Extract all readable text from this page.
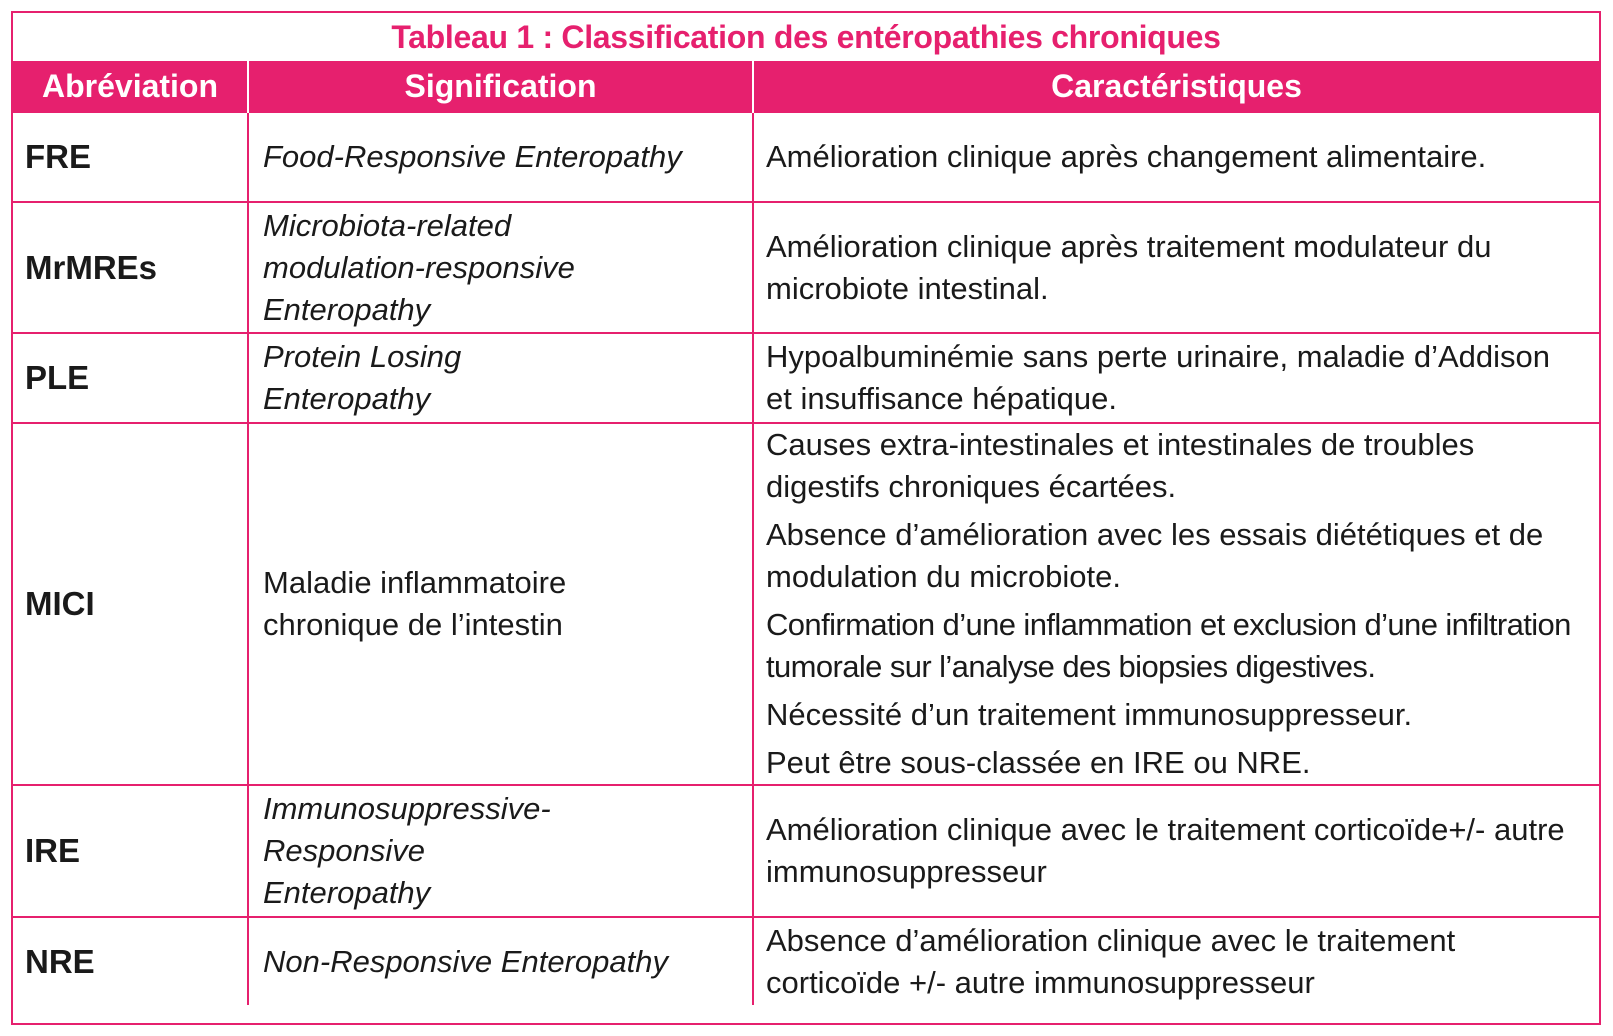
Tableau 1 : Classification des entéropathies chroniques
Abréviation	Signification	Caractéristiques
FRE	Food-Responsive Enteropathy	Amélioration clinique après changement alimentaire.

MrMREs	Microbiota-related modulation-responsive Enteropathy	Amélioration clinique après traitement modulateur du microbiote intestinal.

PLE	Protein Losing Enteropathy	Hypoalbuminémie sans perte urinaire, maladie d’Addison et insuffisance hépatique.

MICI	Maladie inflammatoire chronique de l’intestin	Causes extra-intestinales et intestinales de troubles digestifs chroniques écartées.

Absence d’amélioration avec les essais diététiques et de modulation du microbiote.

Confirmation d’une inflammation et exclusion d’une infiltration tumorale sur l’analyse des biopsies digestives.

Nécessité d’un traitement immunosuppresseur.

Peut être sous-classée en IRE ou NRE.

IRE	Immunosuppressive-Responsive Enteropathy	Amélioration clinique avec le traitement corticoïde+/- autre immunosuppresseur

NRE	Non-Responsive Enteropathy	Absence d’amélioration clinique avec le traitement corticoïde +/- autre immunosuppresseur
